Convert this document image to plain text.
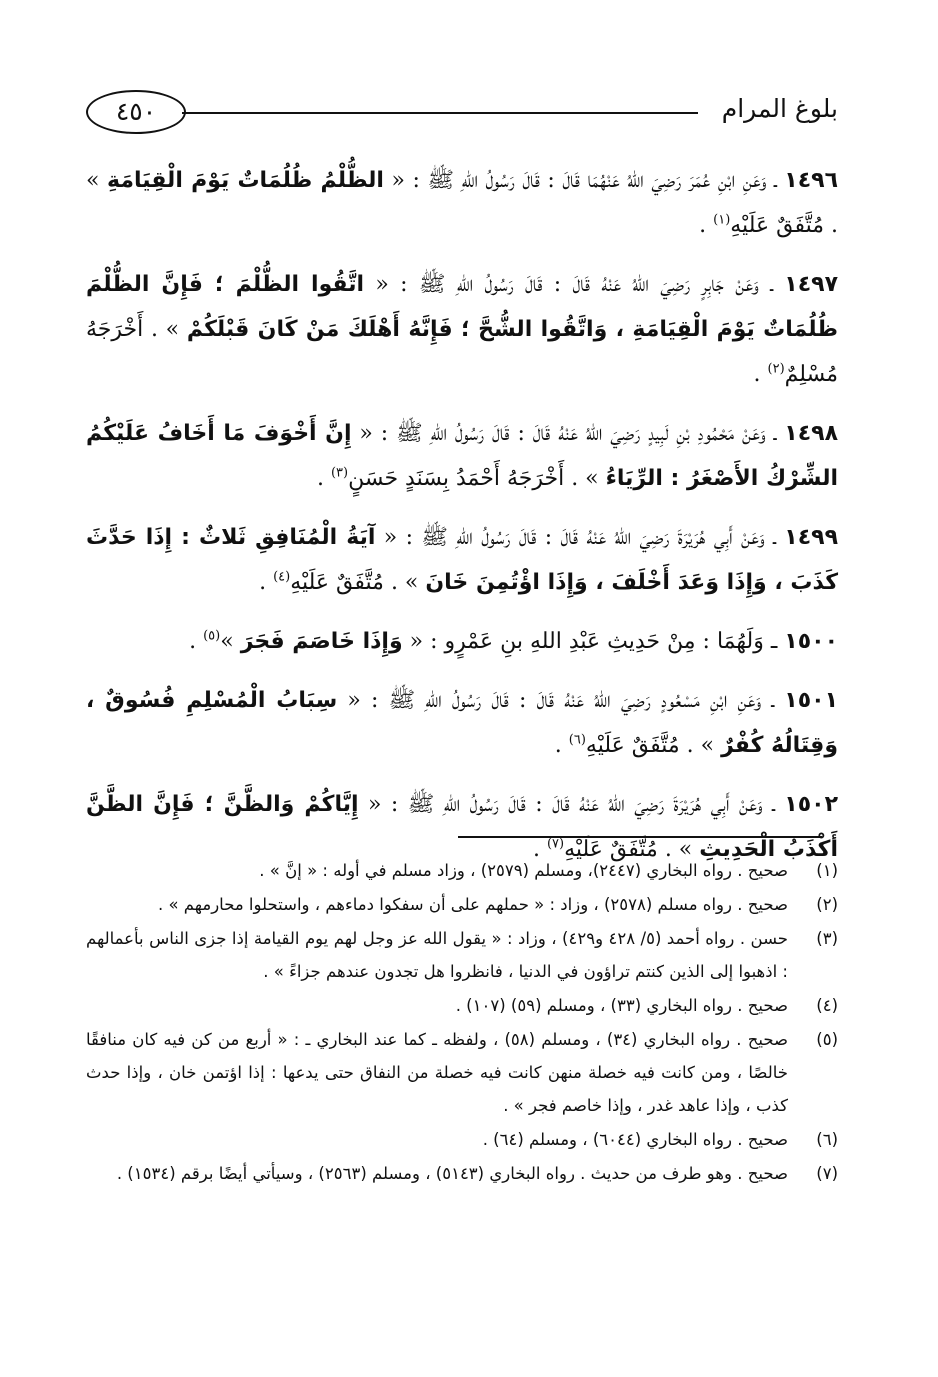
٤٥٠	بلوغ المرام

١٤٩٦ ـ وَعَنِ ابْنِ عُمَرَ رَضِيَ اللهُ عَنْهُمَا قَالَ : قَالَ رَسُولُ اللهِ ﷺ : « الظُّلْمُ ظُلُمَاتٌ يَوْمَ الْقِيَامَةِ » . مُتَّفَقٌ عَلَيْهِ$^{(١)}$ .

١٤٩٧ ـ وَعَنْ جَابِرٍ رَضِيَ اللهُ عَنْهُ قَالَ : قَالَ رَسُولُ اللهِ ﷺ : « اتَّقُوا الظُّلْمَ ؛ فَإِنَّ الظُّلْمَ ظُلُمَاتٌ يَوْمَ الْقِيَامَةِ ، وَاتَّقُوا الشُّحَّ ؛ فَإِنَّهُ أَهْلَكَ مَنْ كَانَ قَبْلَكُمْ » . أَخْرَجَهُ مُسْلِمٌ$^{(٢)}$ .

١٤٩٨ ـ وَعَنْ مَحْمُودِ بْنِ لَبِيدٍ رَضِيَ اللهُ عَنْهُ قَالَ : قَالَ رَسُولُ اللهِ ﷺ : « إِنَّ أَخْوَفَ مَا أَخَافُ عَلَيْكُمُ الشِّرْكُ الأَصْغَرُ : الرِّيَاءُ » . أَخْرَجَهُ أَحْمَدُ بِسَنَدٍ حَسَنٍ$^{(٣)}$ .

١٤٩٩ ـ وَعَنْ أَبِي هُرَيْرَةَ رَضِيَ اللهُ عَنْهُ قَالَ : قَالَ رَسُولُ اللهِ ﷺ : « آيَةُ الْمُنَافِقِ ثَلاثٌ : إِذَا حَدَّثَ كَذَبَ ، وَإِذَا وَعَدَ أَخْلَفَ ، وَإِذَا اؤْتُمِنَ خَانَ » . مُتَّفَقٌ عَلَيْهِ$^{(٤)}$ .

١٥٠٠ ـ وَلَهُمَا : مِنْ حَدِيثِ عَبْدِ اللهِ بنِ عَمْرٍو : « وَإِذَا خَاصَمَ فَجَرَ »$^{(٥)}$ .

١٥٠١ ـ وَعَنِ ابْنِ مَسْعُودٍ رَضِيَ اللهُ عَنْهُ قَالَ : قَالَ رَسُولُ اللهِ ﷺ : « سِبَابُ الْمُسْلِمِ فُسُوقٌ ، وَقِتَالُهُ كُفْرٌ » . مُتَّفَقٌ عَلَيْهِ$^{(٦)}$ .

١٥٠٢ ـ وَعَنْ أَبِي هُرَيْرَةَ رَضِيَ اللهُ عَنْهُ قَالَ : قَالَ رَسُولُ اللهِ ﷺ : « إِيَّاكُمْ وَالظَّنَّ ؛ فَإِنَّ الظَّنَّ أَكْذَبُ الْحَدِيثِ » . مُتَّفَقٌ عَلَيْهِ$^{(٧)}$ .

(١)
صحيح . رواه البخاري (٢٤٤٧)، ومسلم (٢٥٧٩) ، وزاد مسلم في أوله : « إنَّ » .
(٢)
صحيح . رواه مسلم (٢٥٧٨) ، وزاد : « حملهم على أن سفكوا دماءهم ، واستحلوا محارمهم » .
(٣)
حسن . رواه أحمد (٥/ ٤٢٨ و٤٢٩) ، وزاد : « يقول الله عز وجل لهم يوم القيامة إذا جزى الناس بأعمالهم : اذهبوا إلى الذين كنتم تراؤون في الدنيا ، فانظروا هل تجدون عندهم جزاءً » .
(٤)
صحيح . رواه البخاري (٣٣) ، ومسلم (٥٩) (١٠٧) .
(٥)
صحيح . رواه البخاري (٣٤) ، ومسلم (٥٨) ، ولفظه ـ كما عند البخاري ـ : « أربع من كن فيه كان منافقًا خالصًا ، ومن كانت فيه خصلة منهن كانت فيه خصلة من النفاق حتى يدعها : إذا اؤتمن خان ، وإذا حدث كذب ، وإذا عاهد غدر ، وإذا خاصم فجر » .
(٦)
صحيح . رواه البخاري (٦٠٤٤) ، ومسلم (٦٤) .
(٧)
صحيح . وهو طرف من حديث . رواه البخاري (٥١٤٣) ، ومسلم (٢٥٦٣) ، وسيأتي أيضًا برقم (١٥٣٤) .
